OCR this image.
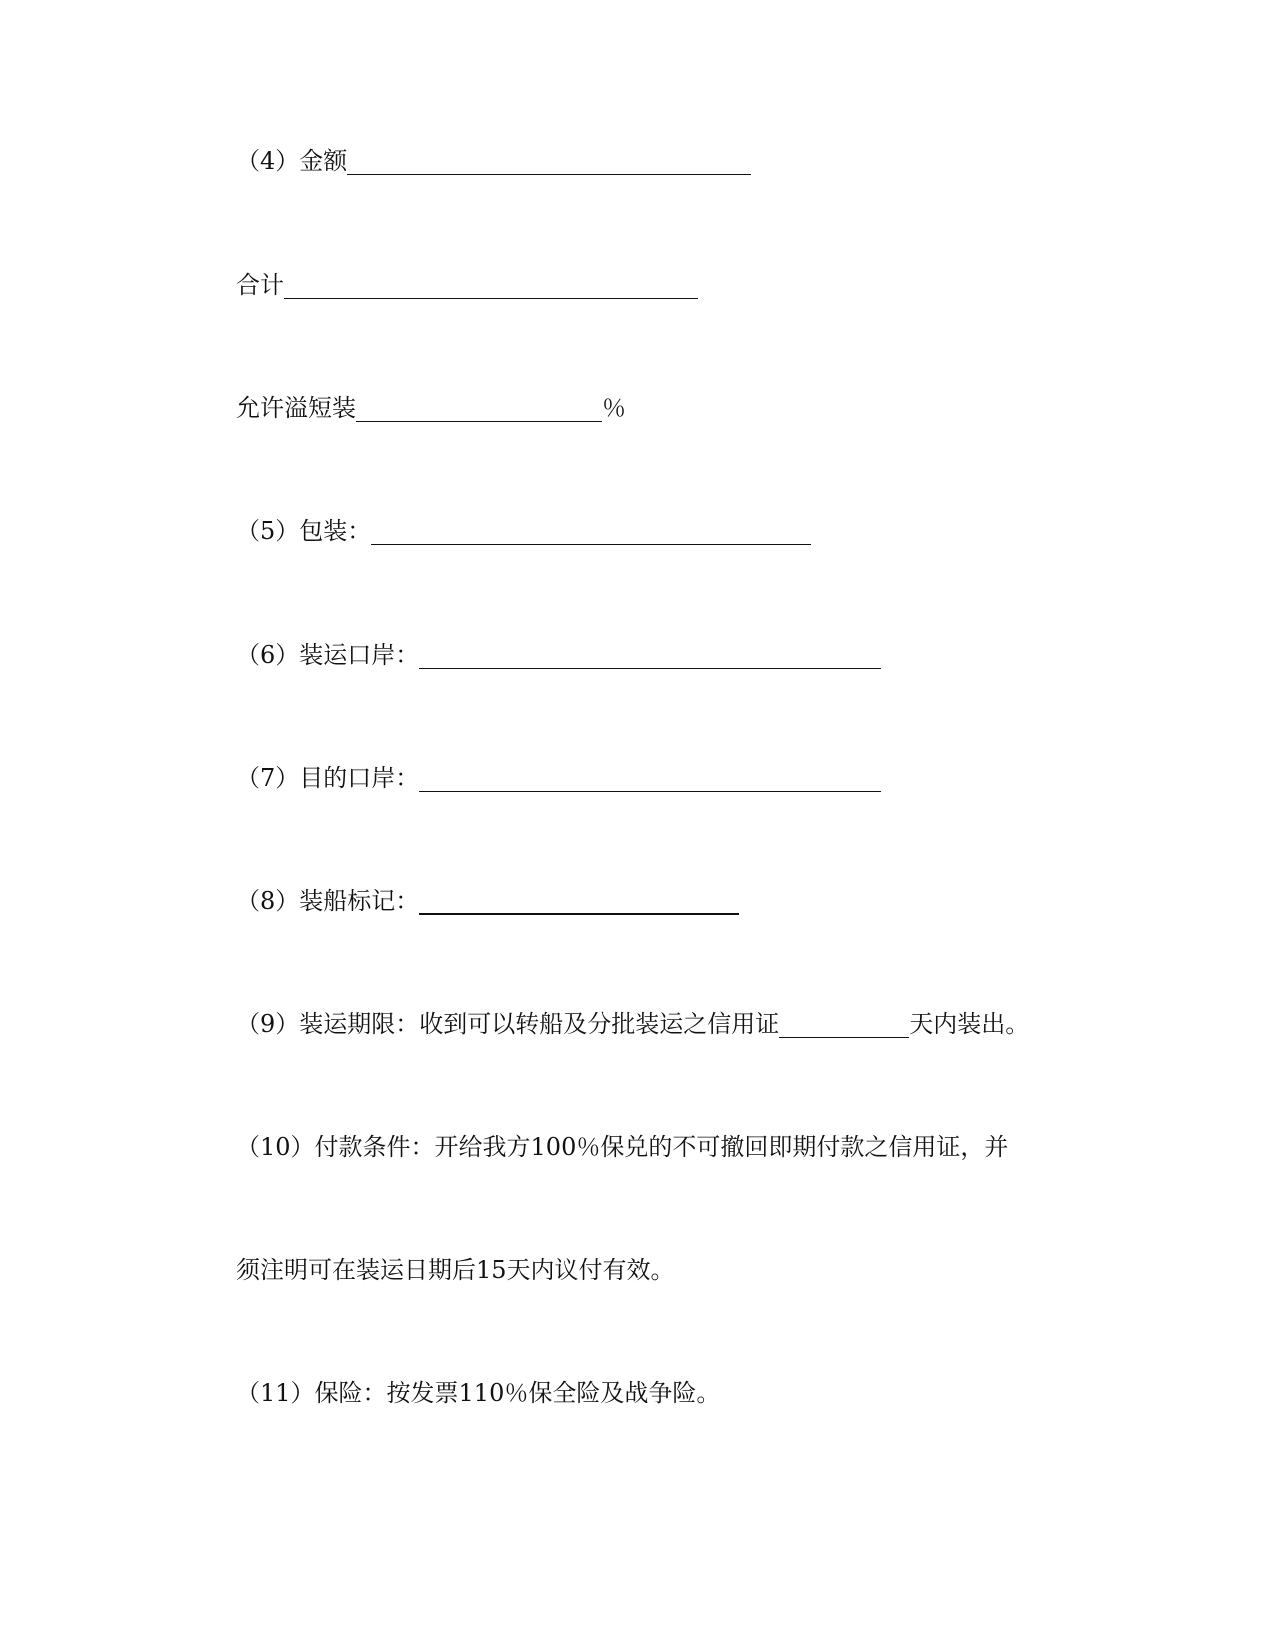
（4）金额
合计
允许溢短装	％
（5）包装：
（6）装运口岸：
（7）目的口岸：
（8）装船标记：
（9）装运期限：收到可以转船及分批装运之信用证	天内装出。
（10）付款条件：开给我方100％保兑的不可撤回即期付款之信用证，并
须注明可在装运日期后15天内议付有效。
（11）保险：按发票110％保全险及战争险。
